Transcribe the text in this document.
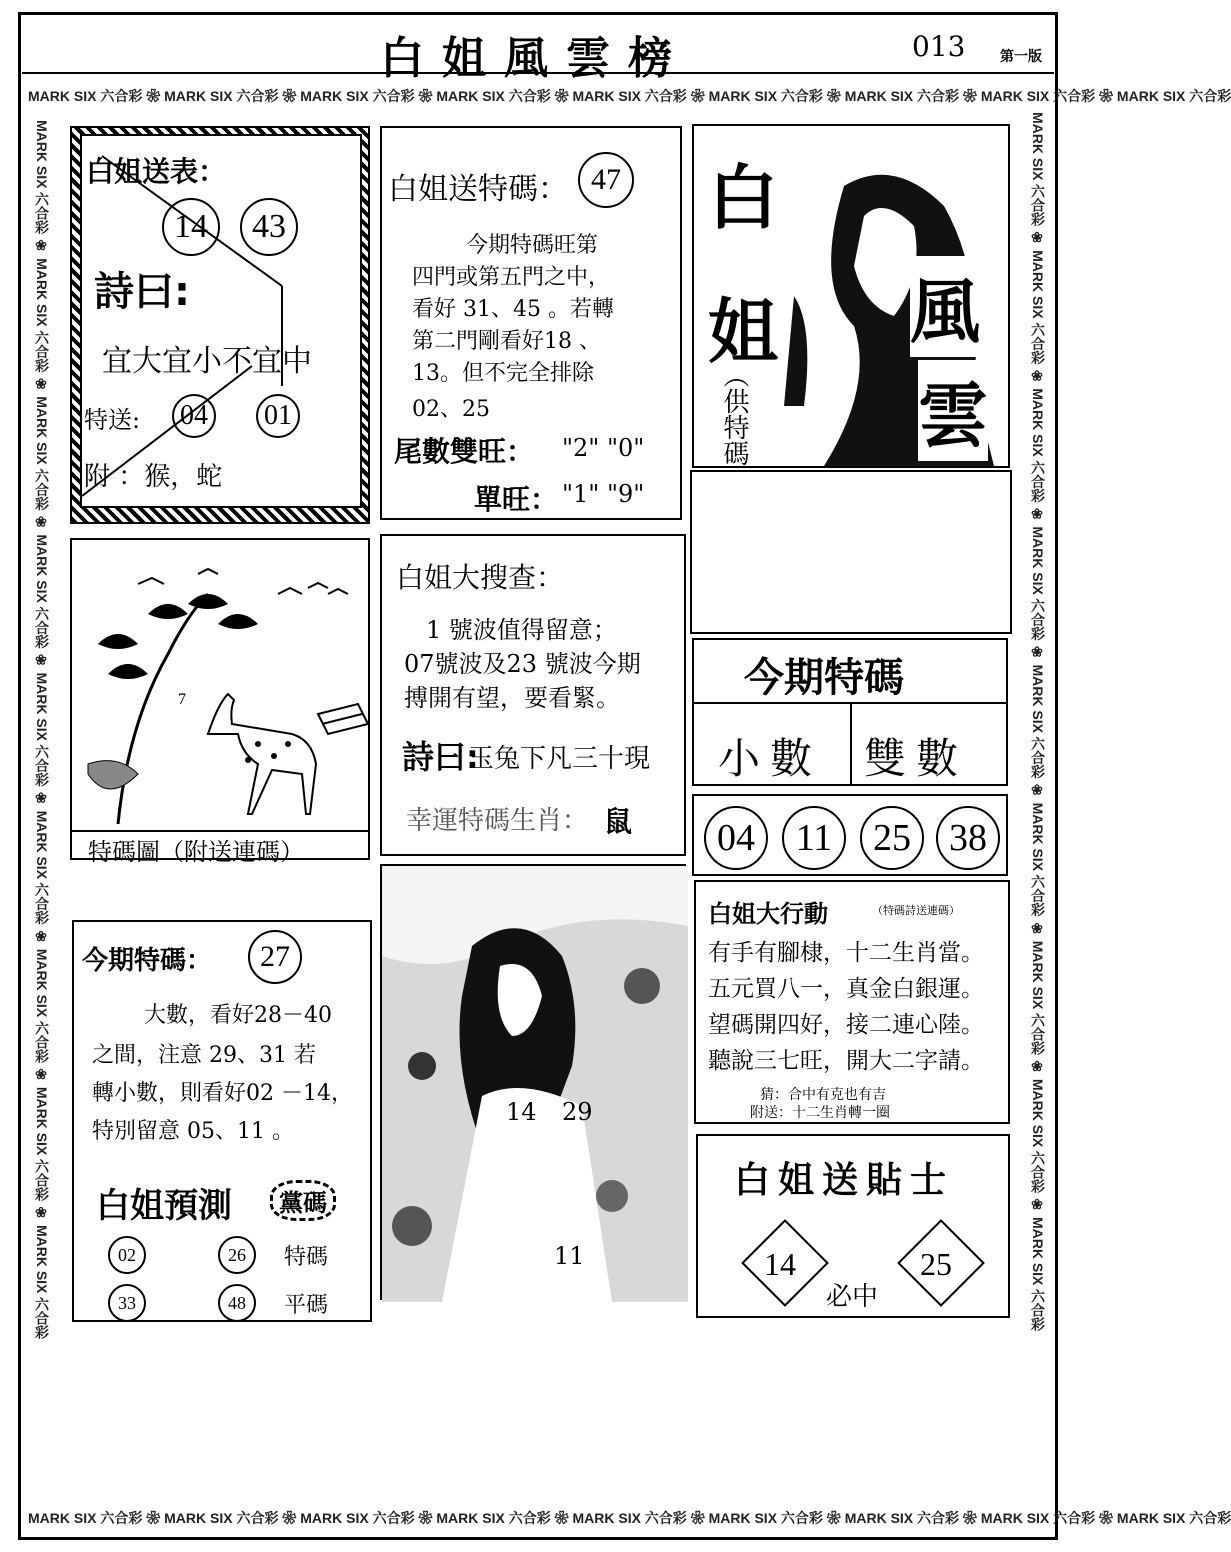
白姐風雲榜	013 第一版
MARK SIX 六合彩 ❀ MARK SIX 六合彩 ❀ MARK SIX 六合彩 ❀ MARK SIX 六合彩 ❀ MARK SIX 六合彩 ❀ MARK SIX 六合彩 ❀ MARK SIX 六合彩 ❀ MARK SIX 六合彩 ❀ MARK SIX 六合彩
MARK SIX 六合彩 ❀ MARK SIX 六合彩 ❀ MARK SIX 六合彩 ❀ MARK SIX 六合彩 ❀ MARK SIX 六合彩 ❀ MARK SIX 六合彩 ❀ MARK SIX 六合彩 ❀ MARK SIX 六合彩 ❀ MARK SIX 六合彩
MARK SIX 六合彩 ❀ MARK SIX 六合彩 ❀ MARK SIX 六合彩 ❀ MARK SIX 六合彩 ❀ MARK SIX 六合彩 ❀ MARK SIX 六合彩 ❀ MARK SIX 六合彩 ❀ MARK SIX 六合彩 ❀ MARK SIX 六合彩	MARK SIX 六合彩 ❀ MARK SIX 六合彩 ❀ MARK SIX 六合彩 ❀ MARK SIX 六合彩 ❀ MARK SIX 六合彩 ❀ MARK SIX 六合彩 ❀ MARK SIX 六合彩 ❀ MARK SIX 六合彩 ❀ MARK SIX 六合彩
白姐送表：
14	43
詩曰:
宜大宜小不宜中
特送: 04 01
附 ：猴，蛇
白姐送特碼： 47
今期特碼旺第
四門或第五門之中，
看好 31、45 。若轉
第二門剛看好18 、
13。但不完全排除
02、25
尾數雙旺： "2" "0"
單旺： "1" "9"
白
姐 風
雲
（供特碼
7
特碼圖（附送連碼）
白姐大搜查：
1 號波值得留意；
07號波及23 號波今期
搏開有望，要看緊。
詩曰:
玉兔下凡三十現
幸運特碼生肖： 鼠
今期特碼
小數 雙數
04	11	25	38
今期特碼：	27
大數，看好28－40
之間，注意 29、31 若
轉小數，則看好02 －14，
特別留意 05、11 。
白姐預測	黨碼
02	26	特碼
33	48	平碼
14 29
11
白姐大行動	（特碼詩送連碼）
有手有腳棣，十二生肖當。
五元買八一，真金白銀運。
望碼開四好，接二連心陸。
聽說三七旺，開大二字請。
猜：合中有克也有吉
附送：十二生肖轉一圈
白姐送貼士
14	25
必中
